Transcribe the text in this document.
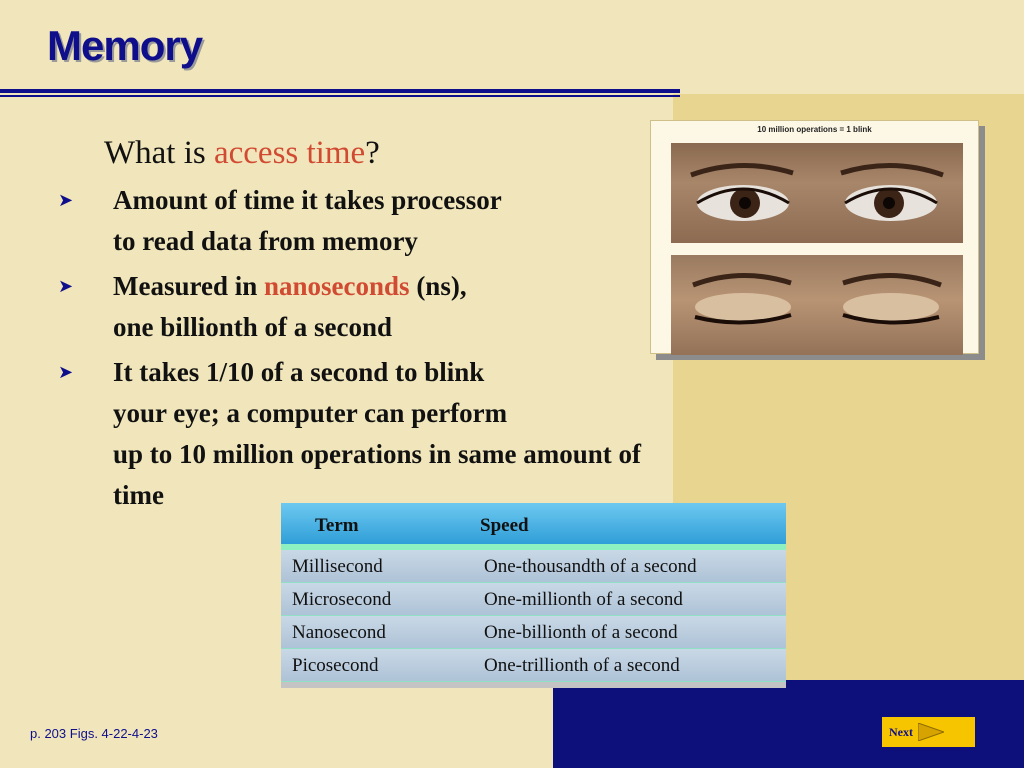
Memory
What is access time?
➤ Amount of time it takes processor
to read data from memory
➤ Measured in nanoseconds (ns),
one billionth of a second
➤ It takes 1/10 of a second to blink
your eye; a computer can perform
up to 10 million operations in same amount of
time
10 million operations = 1 blink
Term	Speed
Millisecond	One-thousandth of a second
Microsecond	One-millionth of a second
Nanosecond	One-billionth of a second
Picosecond	One-trillionth of a second
p. 203 Figs. 4-22-4-23	Next
